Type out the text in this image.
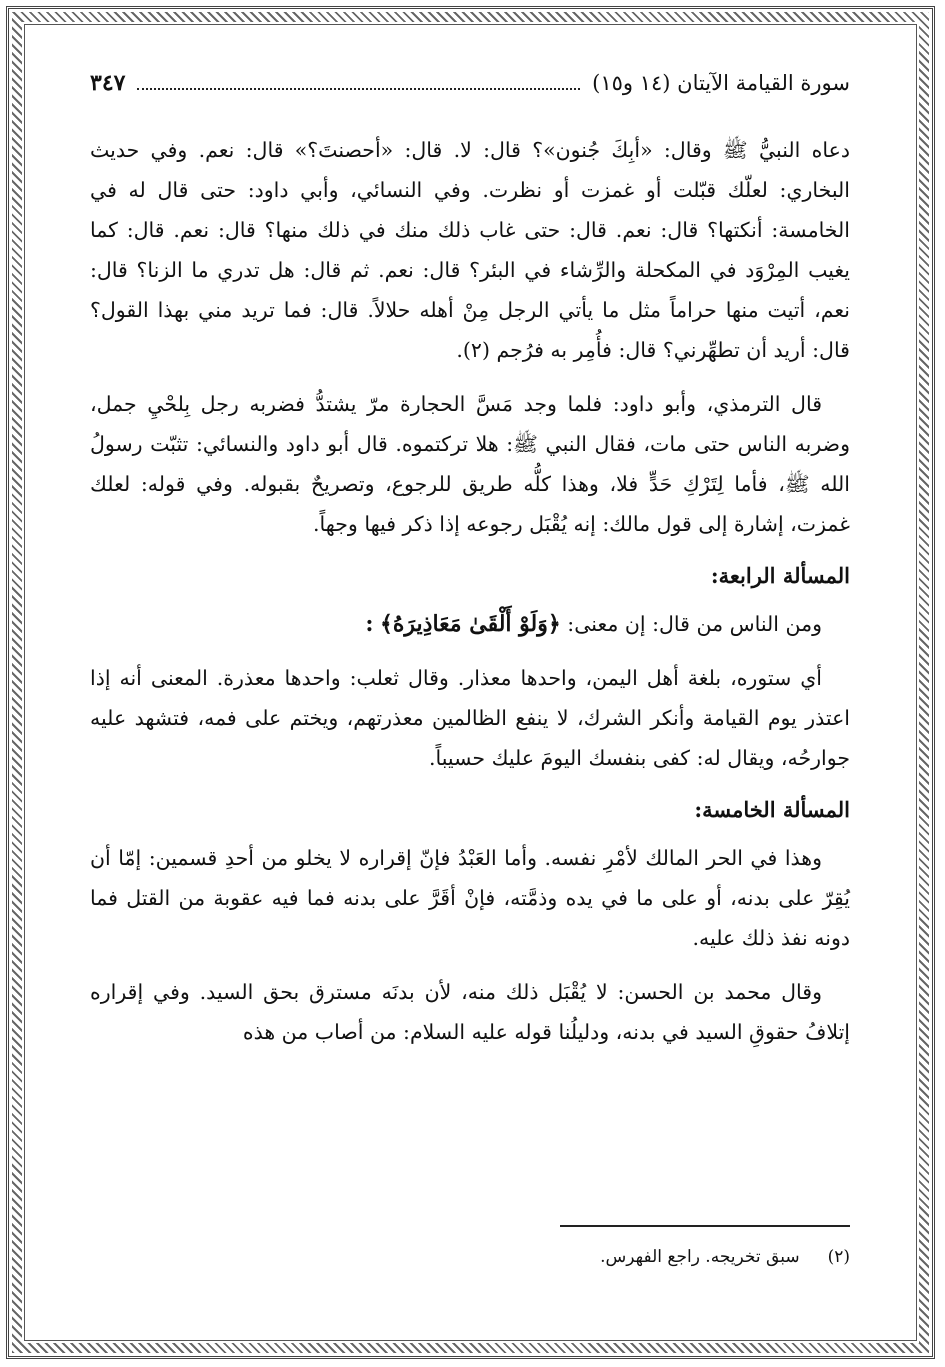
سورة القيامة الآيتان (١٤ و١٥)
٣٤٧

دعاه النبيُّ ﷺ وقال: «أبِكَ جُنون»؟ قال: لا. قال: «أحصنتَ؟» قال: نعم. وفي حديث البخاري: لعلّك قبّلت أو غمزت أو نظرت. وفي النسائي، وأبي داود: حتى قال له في الخامسة: أنكتها؟ قال: نعم. قال: حتى غاب ذلك منك في ذلك منها؟ قال: نعم. قال: كما يغيب المِرْوَد في المكحلة والرِّشاء في البئر؟ قال: نعم. ثم قال: هل تدري ما الزنا؟ قال: نعم، أتيت منها حراماً مثل ما يأتي الرجل مِنْ أهله حلالاً. قال: فما تريد مني بهذا القول؟ قال: أريد أن تطهِّرني؟ قال: فأُمِر به فرُجم (٢).

قال الترمذي، وأبو داود: فلما وجد مَسَّ الحجارة مرّ يشتدُّ فضربه رجل بِلحْيِ جمل، وضربه الناس حتى مات، فقال النبي ﷺ: هلا تركتموه. قال أبو داود والنسائي: تثبّت رسولُ الله ﷺ، فأما لِتَرْكِ حَدٍّ فلا، وهذا كلُّه طريق للرجوع، وتصريحٌ بقبوله. وفي قوله: لعلك غمزت، إشارة إلى قول مالك: إنه يُقْبَل رجوعه إذا ذكر فيها وجهاً.

المسألة الرابعة:

ومن الناس من قال: إن معنى: ﴿وَلَوْ أَلْقَىٰ مَعَاذِيرَهُ﴾ :

أي ستوره، بلغة أهل اليمن، واحدها معذار. وقال ثعلب: واحدها معذرة. المعنى أنه إذا اعتذر يوم القيامة وأنكر الشرك، لا ينفع الظالمين معذرتهم، ويختم على فمه، فتشهد عليه جوارحُه، ويقال له: كفى بنفسك اليومَ عليك حسيباً.

المسألة الخامسة:

وهذا في الحر المالك لأمْرِ نفسه. وأما العَبْدُ فإنّ إقراره لا يخلو من أحدِ قسمين: إمّا أن يُقِرّ على بدنه، أو على ما في يده وذمَّته، فإنْ أقَرَّ على بدنه فما فيه عقوبة من القتل فما دونه نفذ ذلك عليه.

وقال محمد بن الحسن: لا يُقْبَل ذلك منه، لأن بدنَه مسترق بحق السيد. وفي إقراره إتلافُ حقوقِ السيد في بدنه، ودليلُنا قوله عليه السلام: من أصاب من هذه

(٢)
سبق تخريجه. راجع الفهرس.
